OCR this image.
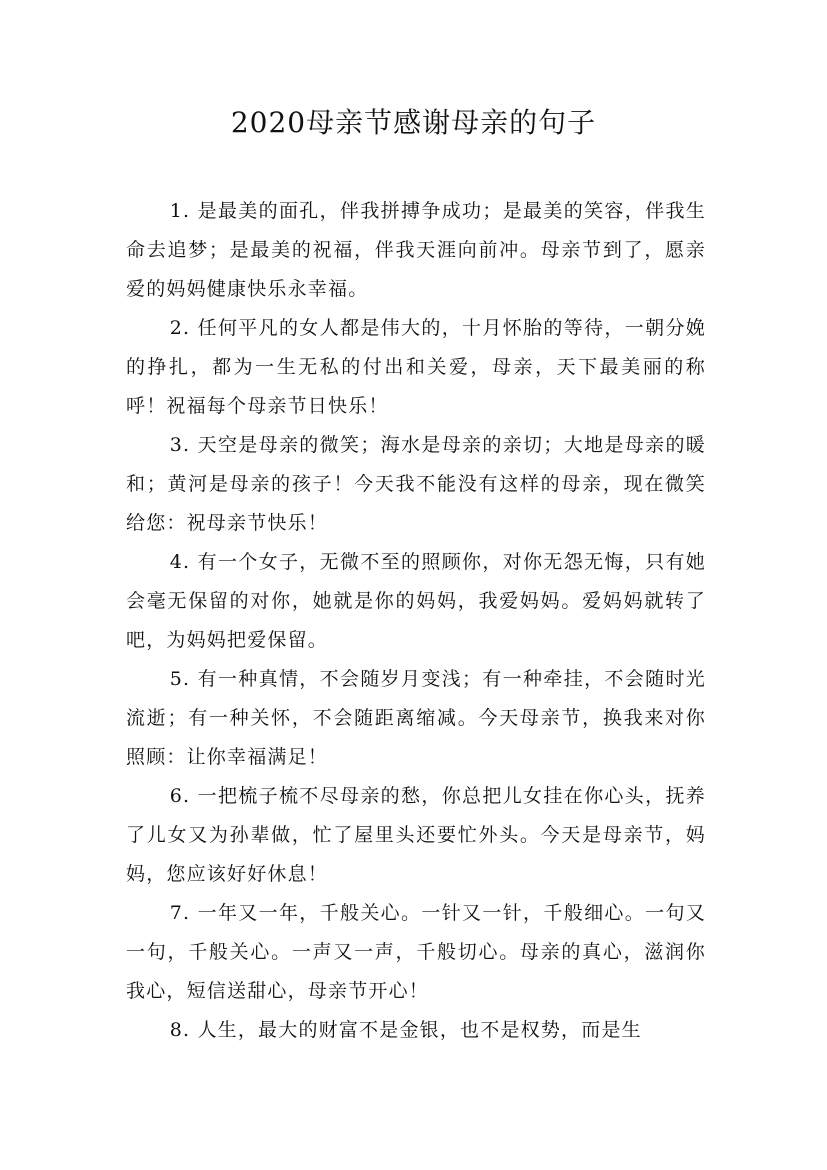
2020母亲节感谢母亲的句子

1. 是最美的面孔，伴我拼搏争成功；是最美的笑容，伴我生命去追梦；是最美的祝福，伴我天涯向前冲。母亲节到了，愿亲爱的妈妈健康快乐永幸福。

2. 任何平凡的女人都是伟大的，十月怀胎的等待，一朝分娩的挣扎，都为一生无私的付出和关爱，母亲，天下最美丽的称呼！祝福每个母亲节日快乐！

3. 天空是母亲的微笑；海水是母亲的亲切；大地是母亲的暖和；黄河是母亲的孩子！今天我不能没有这样的母亲，现在微笑给您：祝母亲节快乐！

4. 有一个女子，无微不至的照顾你，对你无怨无悔，只有她会毫无保留的对你，她就是你的妈妈，我爱妈妈。爱妈妈就转了吧，为妈妈把爱保留。

5. 有一种真情，不会随岁月变浅；有一种牵挂，不会随时光流逝；有一种关怀，不会随距离缩减。今天母亲节，换我来对你照顾：让你幸福满足！

6. 一把梳子梳不尽母亲的愁，你总把儿女挂在你心头，抚养了儿女又为孙辈做，忙了屋里头还要忙外头。今天是母亲节，妈妈，您应该好好休息！

7. 一年又一年，千般关心。一针又一针，千般细心。一句又一句，千般关心。一声又一声，千般切心。母亲的真心，滋润你我心，短信送甜心，母亲节开心！

8. 人生，最大的财富不是金银，也不是权势，而是生
